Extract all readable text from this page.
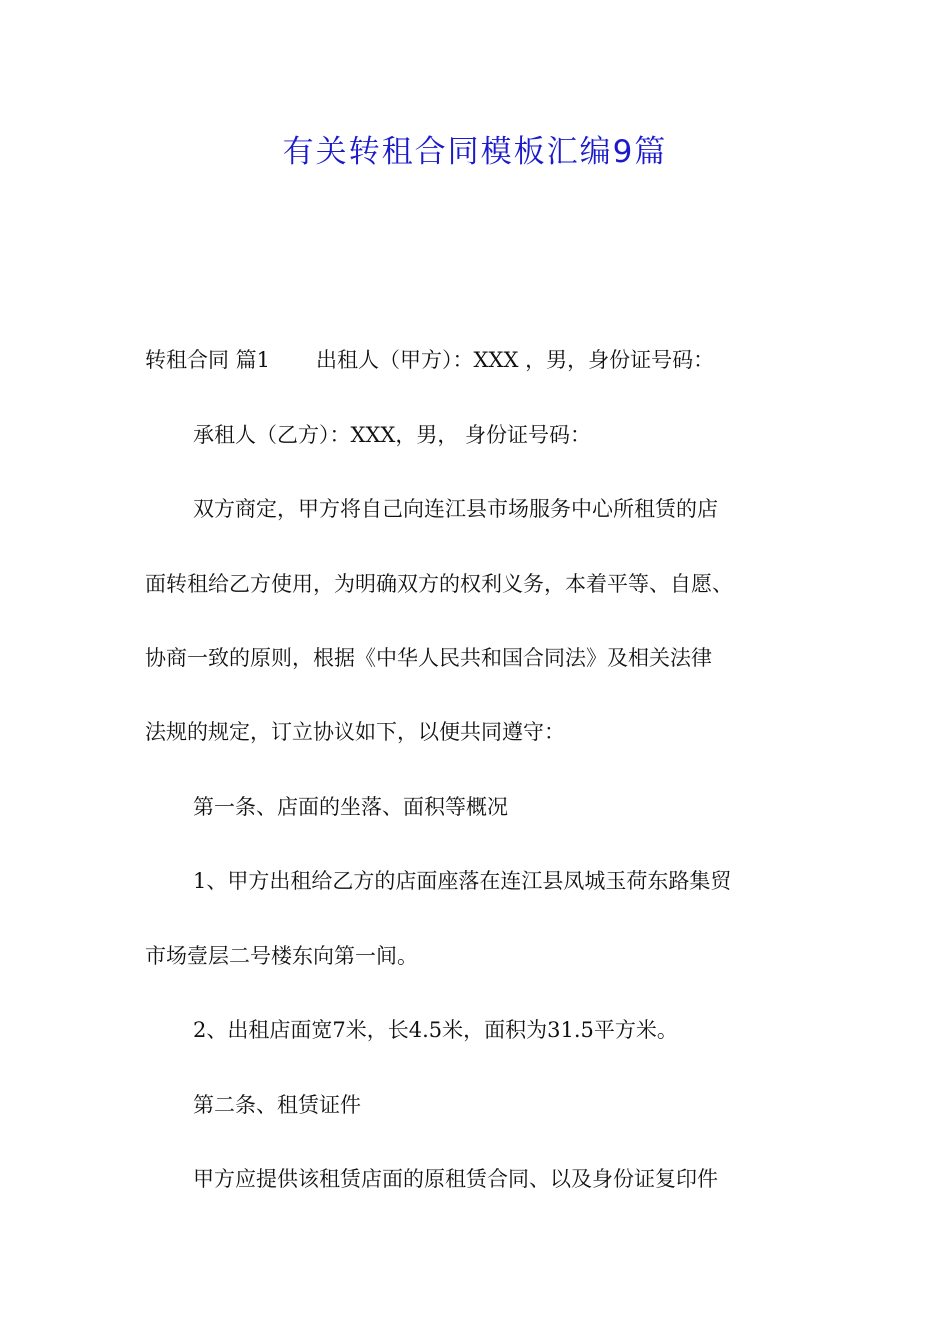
有关转租合同模板汇编9篇

转租合同 篇1 出租人（甲方）：XXX ，男，身份证号码：

承租人（乙方）：XXX，男， 身份证号码：

双方商定，甲方将自己向连江县市场服务中心所租赁的店

面转租给乙方使用，为明确双方的权利义务，本着平等、自愿、

协商一致的原则，根据《中华人民共和国合同法》及相关法律

法规的规定，订立协议如下，以便共同遵守：

第一条、店面的坐落、面积等概况

1、甲方出租给乙方的店面座落在连江县凤城玉荷东路集贸

市场壹层二号楼东向第一间。

2、出租店面宽7米，长4.5米，面积为31.5平方米。

第二条、租赁证件

甲方应提供该租赁店面的原租赁合同、以及身份证复印件
